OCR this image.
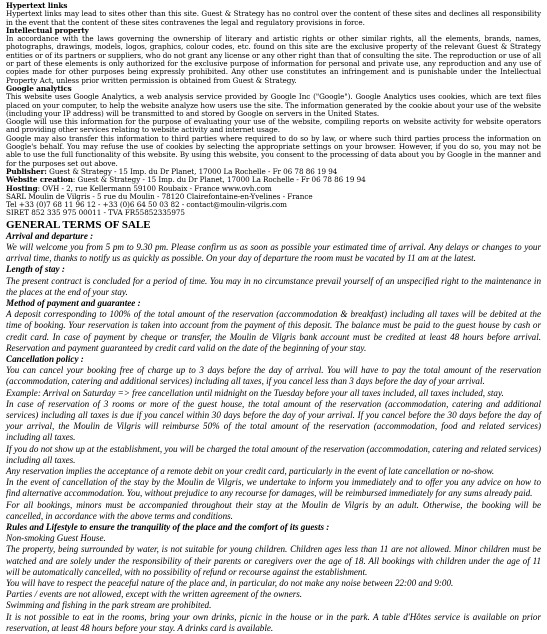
Hypertext links

Hypertext links may lead to sites other than this site. Guest & Strategy has no control over the content of these sites and declines all responsibility in the event that the content of these sites contravenes the legal and regulatory provisions in force.

Intellectual property

In accordance with the laws governing the ownership of literary and artistic rights or other similar rights, all the elements, brands, names, photographs, drawings, models, logos, graphics, colour codes, etc. found on this site are the exclusive property of the relevant Guest & Strategy entities or of its partners or suppliers, who do not grant any license or any other right than that of consulting the site. The reproduction or use of all or part of these elements is only authorized for the exclusive purpose of information for personal and private use, any reproduction and any use of copies made for other purposes being expressly prohibited. Any other use constitutes an infringement and is punishable under the Intellectual Property Act, unless prior written permission is obtained from Guest & Strategy.

Google analytics

This website uses Google Analytics, a web analysis service provided by Google Inc ("Google"). Google Analytics uses cookies, which are text files placed on your computer, to help the website analyze how users use the site. The information generated by the cookie about your use of the website (including your IP address) will be transmitted to and stored by Google on servers in the United States.

Google will use this information for the purpose of evaluating your use of the website, compiling reports on website activity for website operators and providing other services relating to website activity and internet usage.

Google may also transfer this information to third parties where required to do so by law, or where such third parties process the information on Google's behalf. You may refuse the use of cookies by selecting the appropriate settings on your browser. However, if you do so, you may not be able to use the full functionality of this website. By using this website, you consent to the processing of data about you by Google in the manner and for the purposes set out above.

Publisher: Guest & Strategy - 15 Imp. du Dr Planet, 17000 La Rochelle - Fr 06 78 86 19 94

Website creation: Guest & Strategy - 15 Imp. du Dr Planet, 17000 La Rochelle - Fr 06 78 86 19 94

Hosting: OVH - 2, rue Kellermann 59100 Roubaix - France www.ovh.com

SARL Moulin de Vilgris - 5 rue du Moulin - 78120 Clairefontaine-en-Yvelines - France

Tel +33 (0)7 68 11 96 12 - +33 (0)6 64 50 03 82 - contact@moulin-vilgris.com

SIRET 852 335 975 00011 - TVA FR55852335975

GENERAL TERMS OF SALE

Arrival and departure :

We will welcome you from 5 pm to 9.30 pm. Please confirm us as soon as possible your estimated time of arrival. Any delays or changes to your arrival time, thanks to notify us as quickly as possible. On your day of departure the room must be vacated by 11 am at the latest.

Length of stay :

The present contract is concluded for a period of time. You may in no circumstance prevail yourself of an unspecified right to the maintenance in the places at the end of your stay.

Method of payment and guarantee :

A deposit corresponding to 100% of the total amount of the reservation (accommodation & breakfast) including all taxes will be debited at the time of booking. Your reservation is taken into account from the payment of this deposit. The balance must be paid to the guest house by cash or credit card. In case of payment by cheque or transfer, the Moulin de Vilgris bank account must be credited at least 48 hours before arrival. Reservation and payment guaranteed by credit card valid on the date of the beginning of your stay.

Cancellation policy :

You can cancel your booking free of charge up to 3 days before the day of arrival. You will have to pay the total amount of the reservation (accommodation, catering and additional services) including all taxes, if you cancel less than 3 days before the day of your arrival.

Example: Arrival on Saturday => free cancellation until midnight on the Tuesday before your all taxes included, all taxes included, stay.

In case of reservation of 3 rooms or more of the guest house, the total amount of the reservation (accommodation, catering and additional services) including all taxes is due if you cancel within 30 days before the day of your arrival. If you cancel before the 30 days before the day of your arrival, the Moulin de Vilgris will reimburse 50% of the total amount of the reservation (accommodation, food and related services) including all taxes.

If you do not show up at the establishment, you will be charged the total amount of the reservation (accommodation, catering and related services) including all taxes.

Any reservation implies the acceptance of a remote debit on your credit card, particularly in the event of late cancellation or no-show.

In the event of cancellation of the stay by the Moulin de Vilgris, we undertake to inform you immediately and to offer you any advice on how to find alternative accommodation. You, without prejudice to any recourse for damages, will be reimbursed immediately for any sums already paid.

For all bookings, minors must be accompanied throughout their stay at the Moulin de Vilgris by an adult. Otherwise, the booking will be cancelled, in accordance with the above terms and conditions.

Rules and Lifestyle to ensure the tranquility of the place and the comfort of its guests :

Non-smoking Guest House.

The property, being surrounded by water, is not suitable for young children. Children ages less than 11 are not allowed. Minor children must be watched and are solely under the responsibility of their parents or caregivers over the age of 18. All bookings with children under the age of 11 will be automatically cancelled, with no possibility of refund or recourse against the establishment.

You will have to respect the peaceful nature of the place and, in particular, do not make any noise between 22:00 and 9:00.

Parties / events are not allowed, except with the written agreement of the owners.

Swimming and fishing in the park stream are prohibited.

It is not possible to eat in the rooms, bring your own drinks, picnic in the house or in the park. A table d'Hôtes service is available on prior reservation, at least 48 hours before your stay. A drinks card is available.
